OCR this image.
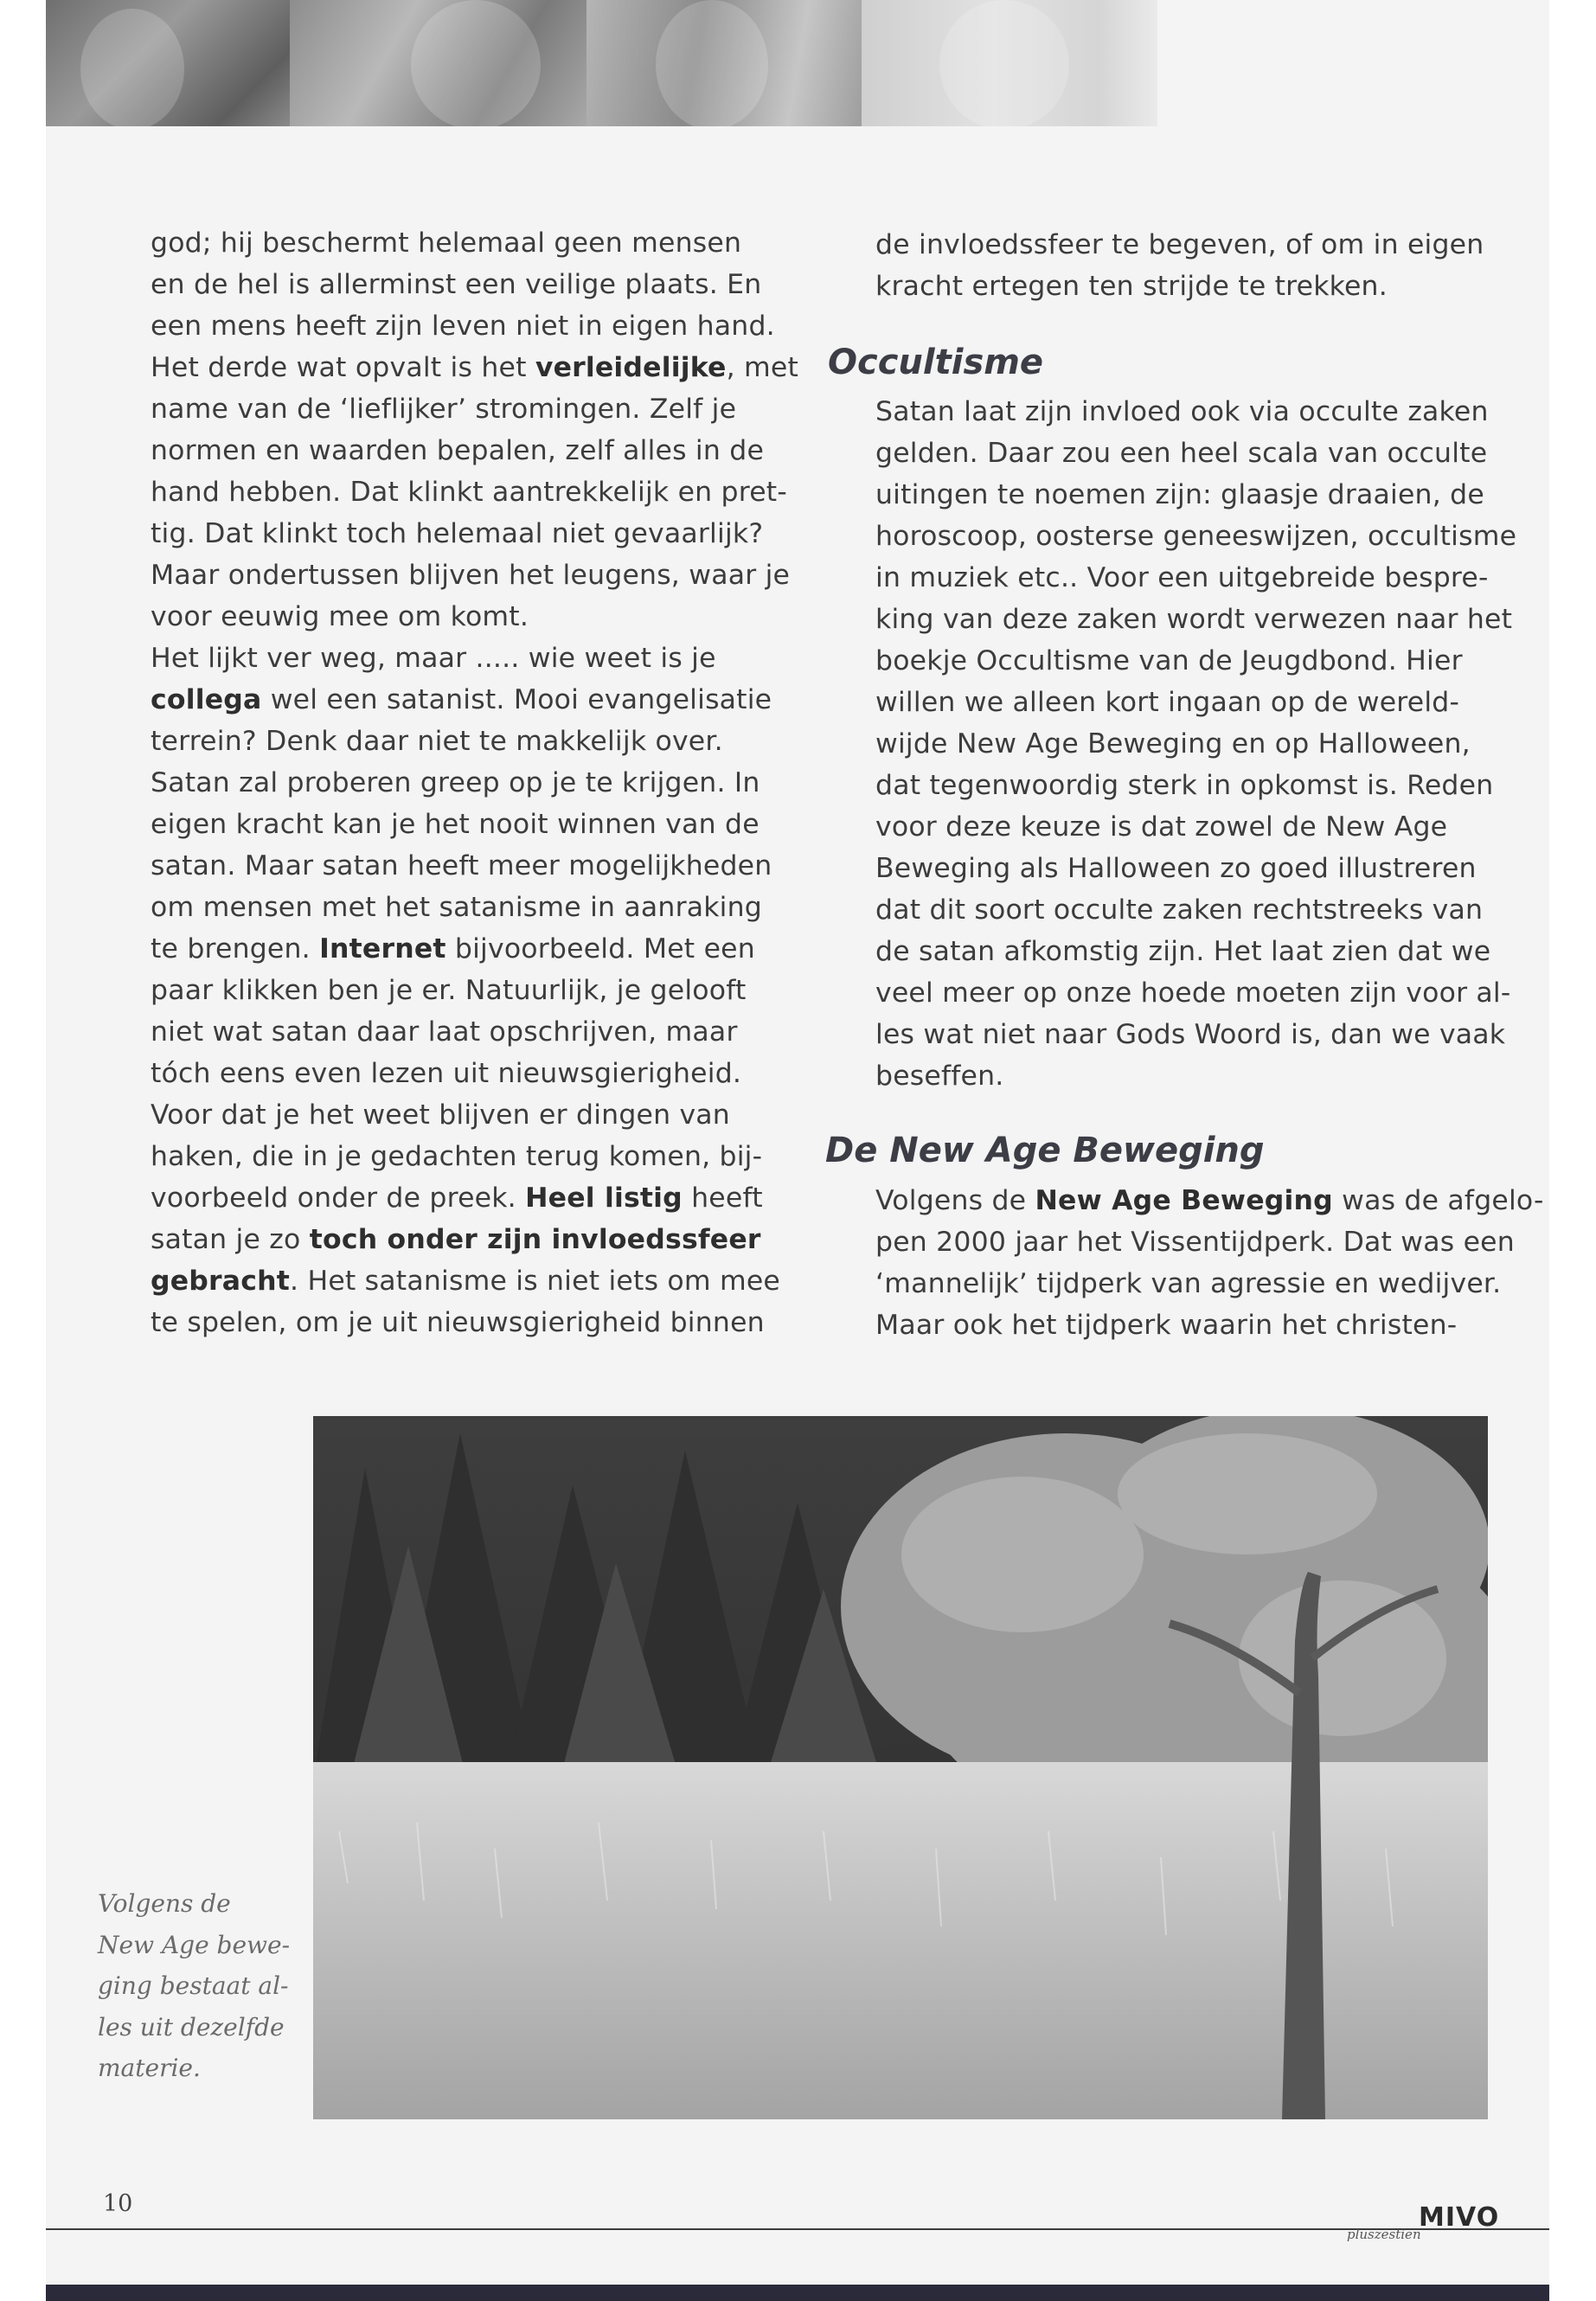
god; hij beschermt helemaal geen mensen
en de hel is allerminst een veilige plaats. En
een mens heeft zijn leven niet in eigen hand.
Het derde wat opvalt is het verleidelijke, met
name van de ‘lieflijker’ stromingen. Zelf je
normen en waarden bepalen, zelf alles in de
hand hebben. Dat klinkt aantrekkelijk en pret-
tig. Dat klinkt toch helemaal niet gevaarlijk?
Maar ondertussen blijven het leugens, waar je
voor eeuwig mee om komt.
Het lijkt ver weg, maar ..... wie weet is je
collega wel een satanist. Mooi evangelisatie
terrein? Denk daar niet te makkelijk over.
Satan zal proberen greep op je te krijgen. In
eigen kracht kan je het nooit winnen van de
satan. Maar satan heeft meer mogelijkheden
om mensen met het satanisme in aanraking
te brengen. Internet bijvoorbeeld. Met een
paar klikken ben je er. Natuurlijk, je gelooft
niet wat satan daar laat opschrijven, maar
tóch eens even lezen uit nieuwsgierigheid.
Voor dat je het weet blijven er dingen van
haken, die in je gedachten terug komen, bij-
voorbeeld onder de preek. Heel listig heeft
satan je zo toch onder zijn invloedssfeer
gebracht. Het satanisme is niet iets om mee
te spelen, om je uit nieuwsgierigheid binnen
de invloedssfeer te begeven, of om in eigen
kracht ertegen ten strijde te trekken.
Occultisme
Satan laat zijn invloed ook via occulte zaken
gelden. Daar zou een heel scala van occulte
uitingen te noemen zijn: glaasje draaien, de
horoscoop, oosterse geneeswijzen, occultisme
in muziek etc.. Voor een uitgebreide bespre-
king van deze zaken wordt verwezen naar het
boekje Occultisme van de Jeugdbond. Hier
willen we alleen kort ingaan op de wereld-
wijde New Age Beweging en op Halloween,
dat tegenwoordig sterk in opkomst is. Reden
voor deze keuze is dat zowel de New Age
Beweging als Halloween zo goed illustreren
dat dit soort occulte zaken rechtstreeks van
de satan afkomstig zijn. Het laat zien dat we
veel meer op onze hoede moeten zijn voor al-
les wat niet naar Gods Woord is, dan we vaak
beseffen.
De New Age Beweging
Volgens de New Age Beweging was de afgelo-
pen 2000 jaar het Vissentijdperk. Dat was een
‘mannelijk’ tijdperk van agressie en wedijver.
Maar ook het tijdperk waarin het christen-
Volgens de
New Age bewe-
ging bestaat al-
les uit dezelfde
materie.
10
pluszestien
MIVO
